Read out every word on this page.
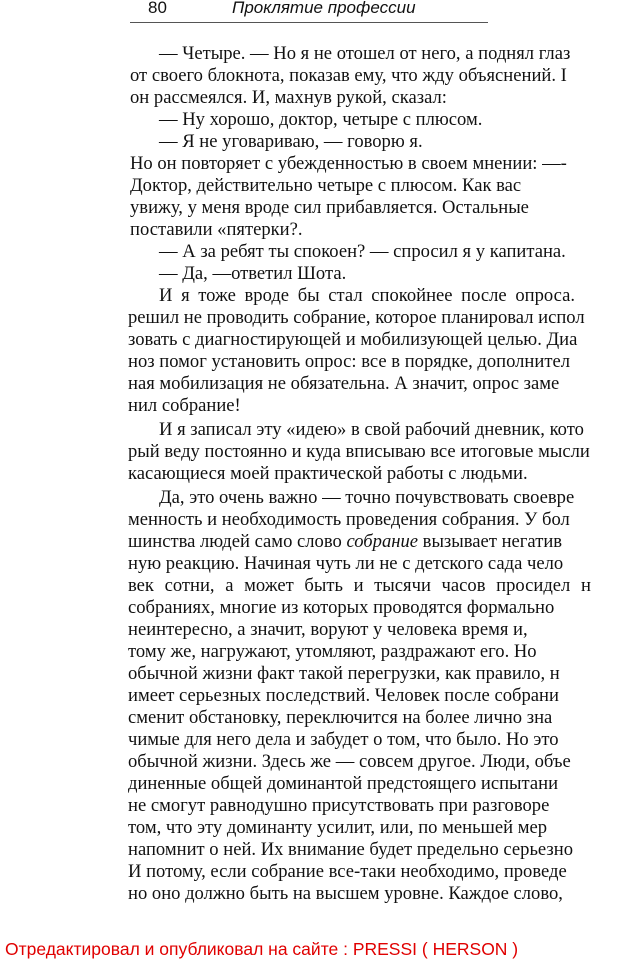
80	Проклятие профессии
— Четыре. — Но я не отошел от него, а поднял глаз
от своего блокнота, показав ему, что жду объяснений. I
он рассмеялся. И, махнув рукой, сказал:
— Ну хорошо, доктор, четыре с плюсом.
— Я не уговариваю, — говорю я.
Но он повторяет с убежденностью в своем мнении: —-
Доктор, действительно четыре с плюсом. Как вас
увижу, у меня вроде сил прибавляется. Остальные
поставили «пятерки?.
— А за ребят ты спокоен? — спросил я у капитана.
— Да, —ответил Шота.
И я тоже вроде бы стал спокойнее после опроса.
решил не проводить собрание, которое планировал испол
зовать с диагностирующей и мобилизующей целью. Диа
ноз помог установить опрос: все в порядке, дополнител
ная мобилизация не обязательна. А значит, опрос заме
нил собрание!
И я записал эту «идею» в свой рабочий дневник, кото
рый веду постоянно и куда вписываю все итоговые мысли
касающиеся моей практической работы с людьми.
Да, это очень важно — точно почувствовать своевре
менность и необходимость проведения собрания. У бол
шинства людей само слово собрание вызывает негатив
ную реакцию. Начиная чуть ли не с детского сада чело
век сотни, а может быть и тысячи часов просидел н
собраниях, многие из которых проводятся формально
неинтересно, а значит, воруют у человека время и,
тому же, нагружают, утомляют, раздражают его. Но
обычной жизни факт такой перегрузки, как правило, н
имеет серьезных последствий. Человек после собрани
сменит обстановку, переключится на более лично зна
чимые для него дела и забудет о том, что было. Но это
обычной жизни. Здесь же — совсем другое. Люди, объе
диненные общей доминантой предстоящего испытани
не смогут равнодушно присутствовать при разговоре
том, что эту доминанту усилит, или, по меньшей мер
напомнит о ней. Их внимание будет предельно серьезно
И потому, если собрание все-таки необходимо, проведе
но оно должно быть на высшем уровне. Каждое слово,
Отредактировал и опубликовал на сайте : PRESSI ( HERSON )
